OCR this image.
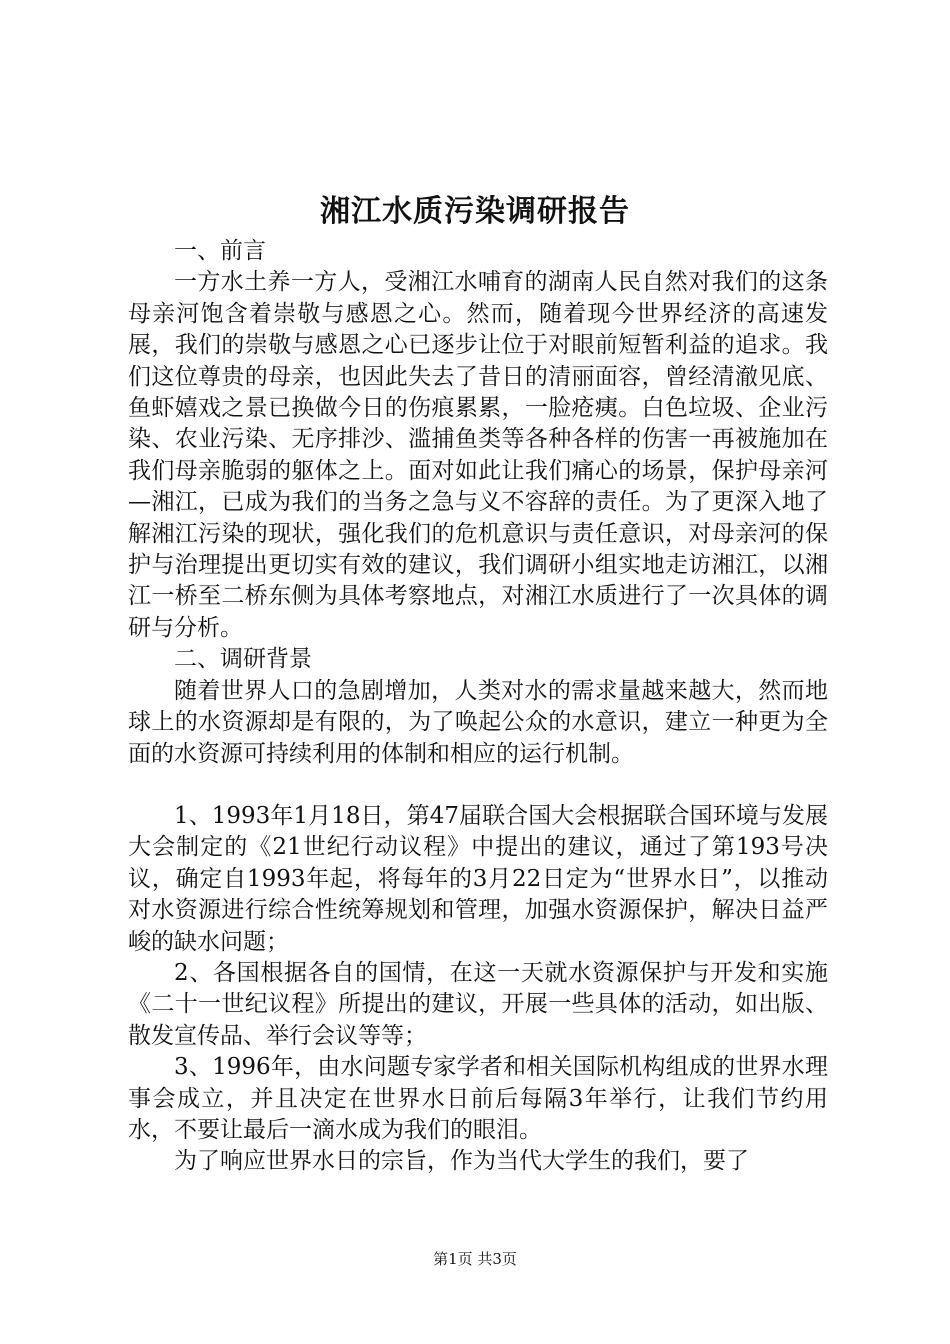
湘江水质污染调研报告

一、前言

一方水土养一方人，受湘江水哺育的湖南人民自然对我们的这条母亲河饱含着崇敬与感恩之心。然而，随着现今世界经济的高速发展，我们的崇敬与感恩之心已逐步让位于对眼前短暂利益的追求。我们这位尊贵的母亲，也因此失去了昔日的清丽面容，曾经清澈见底、鱼虾嬉戏之景已换做今日的伤痕累累，一脸疮痍。白色垃圾、企业污染、农业污染、无序排沙、滥捕鱼类等各种各样的伤害一再被施加在我们母亲脆弱的躯体之上。面对如此让我们痛心的场景，保护母亲河—湘江，已成为我们的当务之急与义不容辞的责任。为了更深入地了解湘江污染的现状，强化我们的危机意识与责任意识，对母亲河的保护与治理提出更切实有效的建议，我们调研小组实地走访湘江，以湘江一桥至二桥东侧为具体考察地点，对湘江水质进行了一次具体的调研与分析。

二、调研背景

随着世界人口的急剧增加，人类对水的需求量越来越大，然而地球上的水资源却是有限的，为了唤起公众的水意识，建立一种更为全面的水资源可持续利用的体制和相应的运行机制。

1、1993年1月18日，第47届联合国大会根据联合国环境与发展大会制定的《21世纪行动议程》中提出的建议，通过了第193号决议，确定自1993年起，将每年的3月22日定为“世界水日”，以推动对水资源进行综合性统筹规划和管理，加强水资源保护，解决日益严峻的缺水问题；

2、各国根据各自的国情，在这一天就水资源保护与开发和实施《二十一世纪议程》所提出的建议，开展一些具体的活动，如出版、散发宣传品、举行会议等等；

3、1996年，由水问题专家学者和相关国际机构组成的世界水理事会成立，并且决定在世界水日前后每隔3年举行，让我们节约用水，不要让最后一滴水成为我们的眼泪。

为了响应世界水日的宗旨，作为当代大学生的我们，要了

第1页 共3页
